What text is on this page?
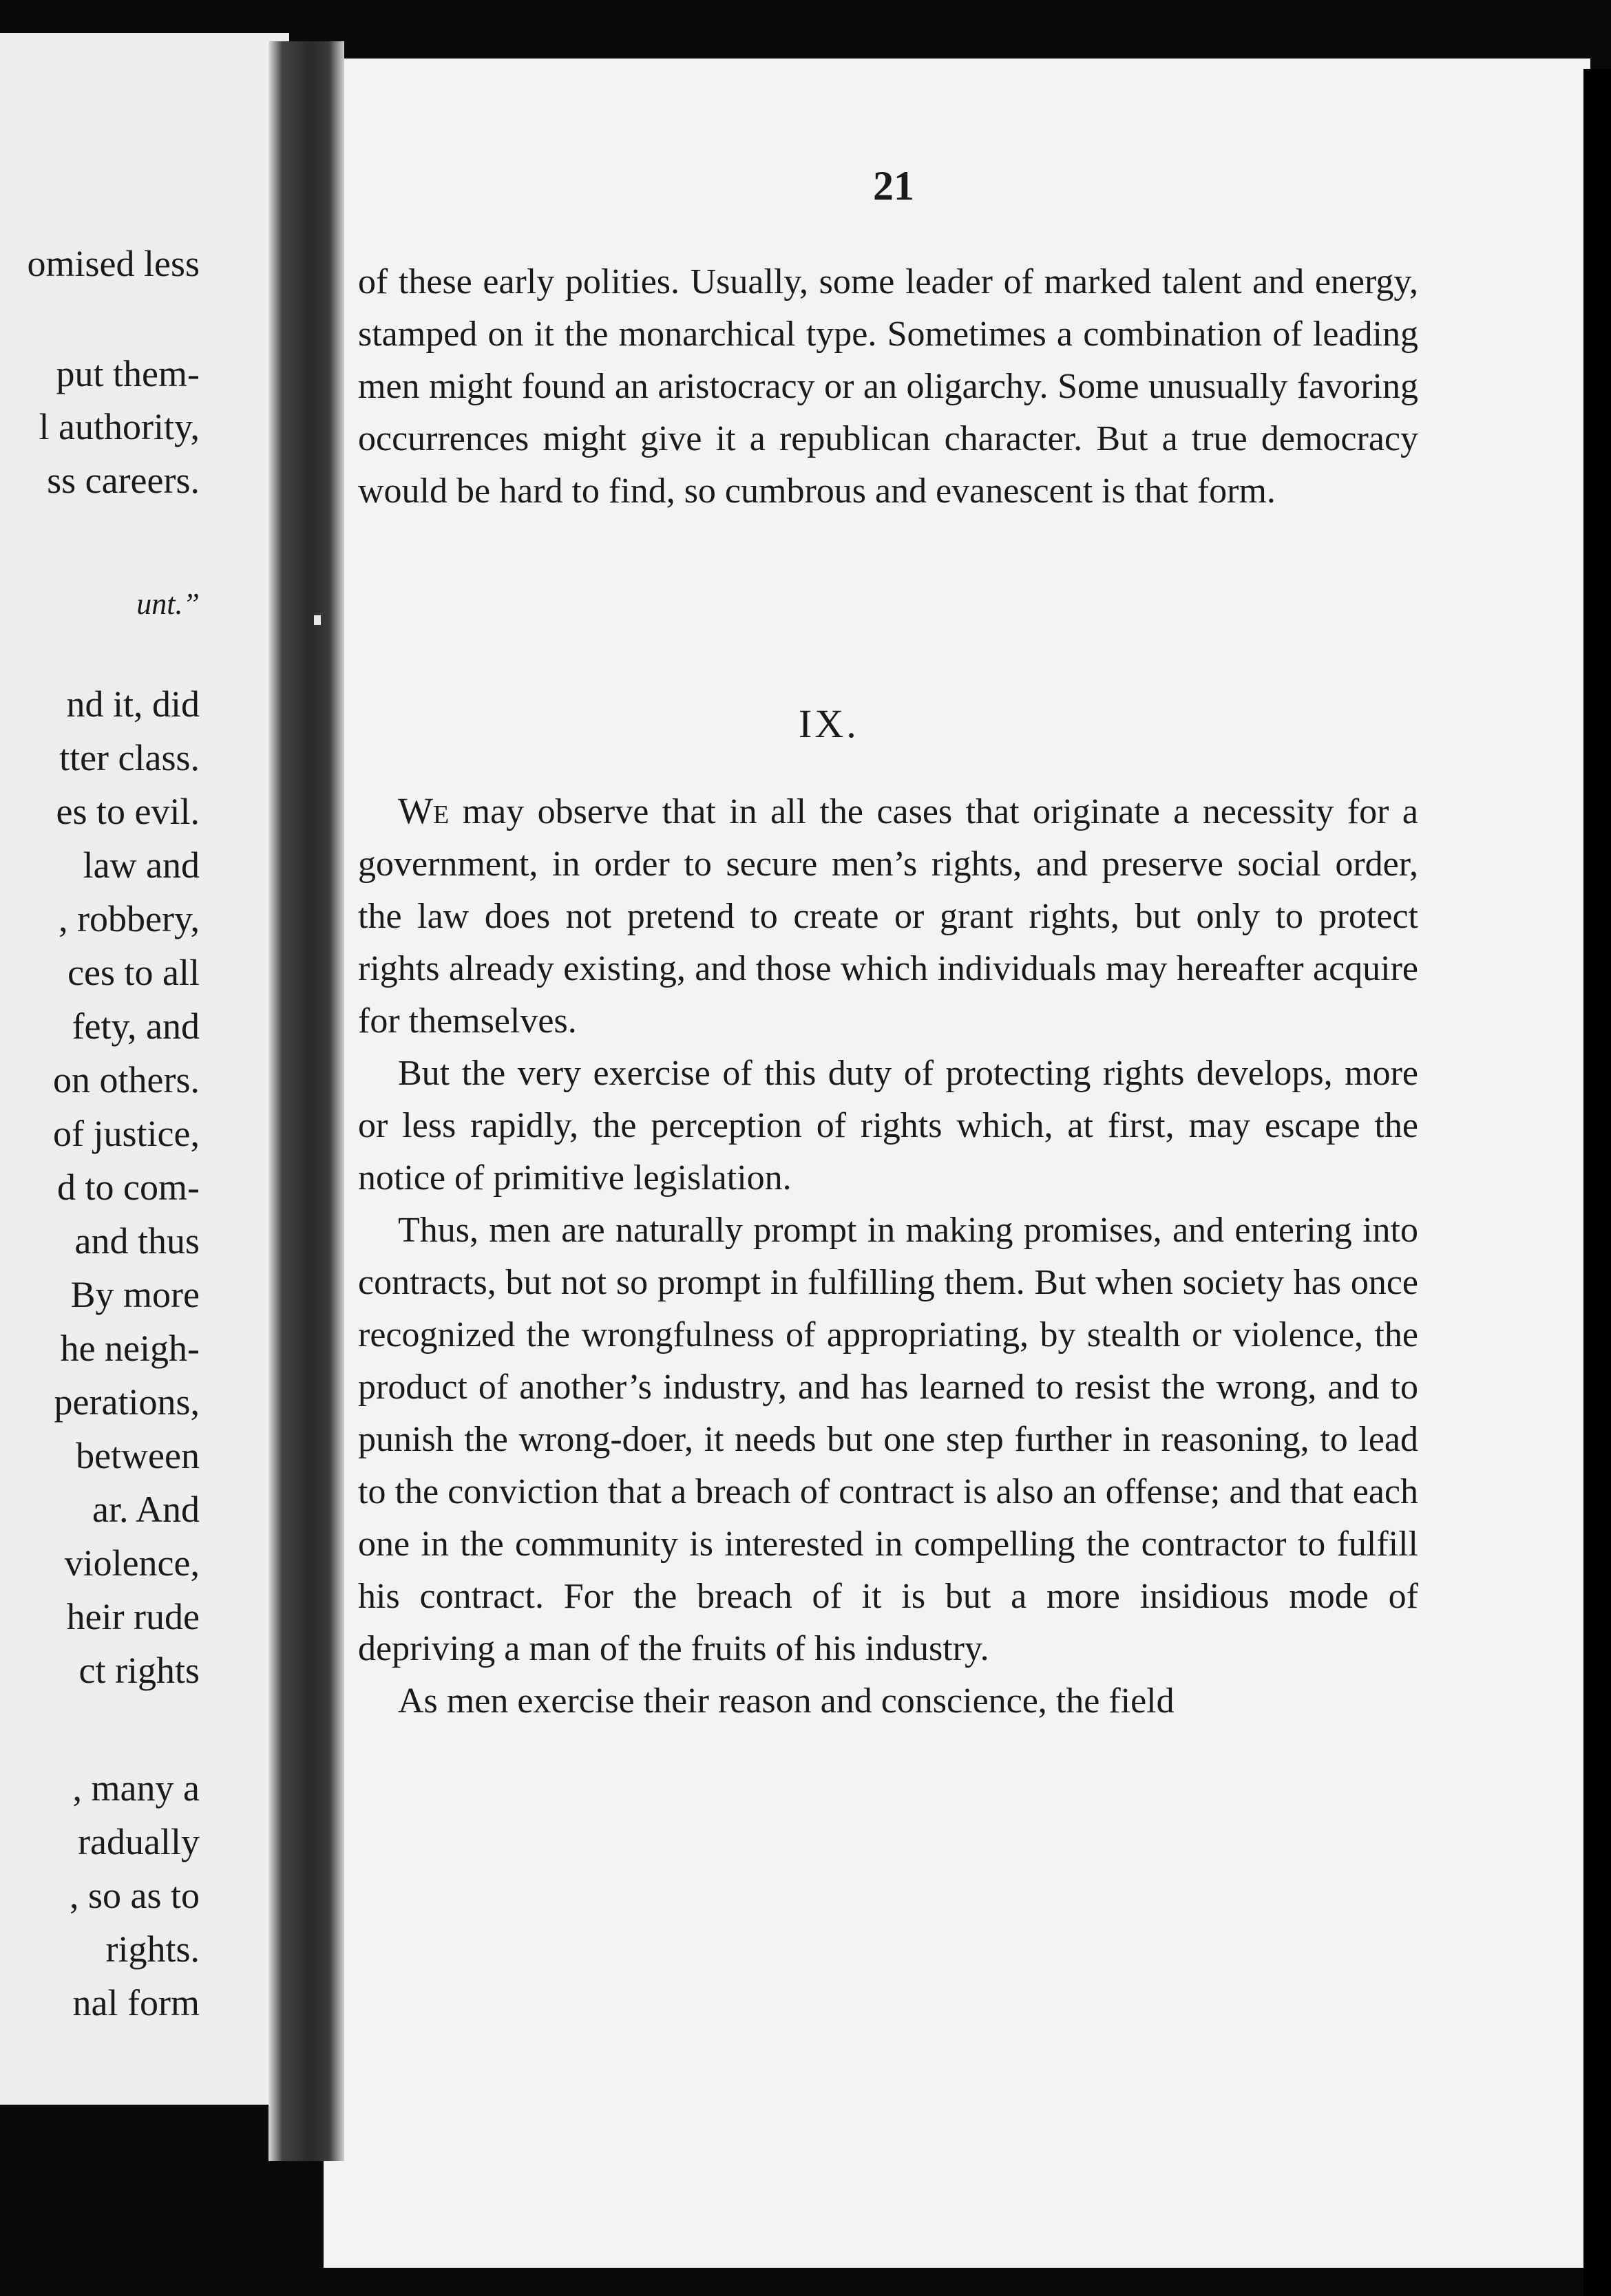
omised less
put them-
l authority,
ss careers.
unt.”
nd it, did
tter class.
es to evil.
law and
, robbery,
ces to all
fety, and
on others.
of justice,
d to com-
and thus
By more
he neigh-
perations,
between
ar. And
violence,
heir rude
ct rights
, many a
radually
, so as to
rights.
nal form
21

of these early polities. Usually, some leader of marked talent and energy, stamped on it the monarchical type. Sometimes a combination of leading men might found an aristocracy or an oligarchy. Some unusually favoring occurrences might give it a republican character. But a true democracy would be hard to find, so cumbrous and evanescent is that form.

IX.

We may observe that in all the cases that originate a necessity for a government, in order to secure men’s rights, and preserve social order, the law does not pretend to create or grant rights, but only to protect rights already existing, and those which individuals may hereafter acquire for themselves.

But the very exercise of this duty of protecting rights develops, more or less rapidly, the perception of rights which, at first, may escape the notice of primitive legislation.

Thus, men are naturally prompt in making promises, and entering into contracts, but not so prompt in fulfilling them. But when society has once recognized the wrongfulness of appropriating, by stealth or violence, the product of another’s industry, and has learned to resist the wrong, and to punish the wrong-doer, it needs but one step further in reasoning, to lead to the conviction that a breach of contract is also an offense; and that each one in the community is interested in compelling the contractor to fulfill his contract. For the breach of it is but a more insidious mode of depriving a man of the fruits of his industry.

As men exercise their reason and conscience, the field
